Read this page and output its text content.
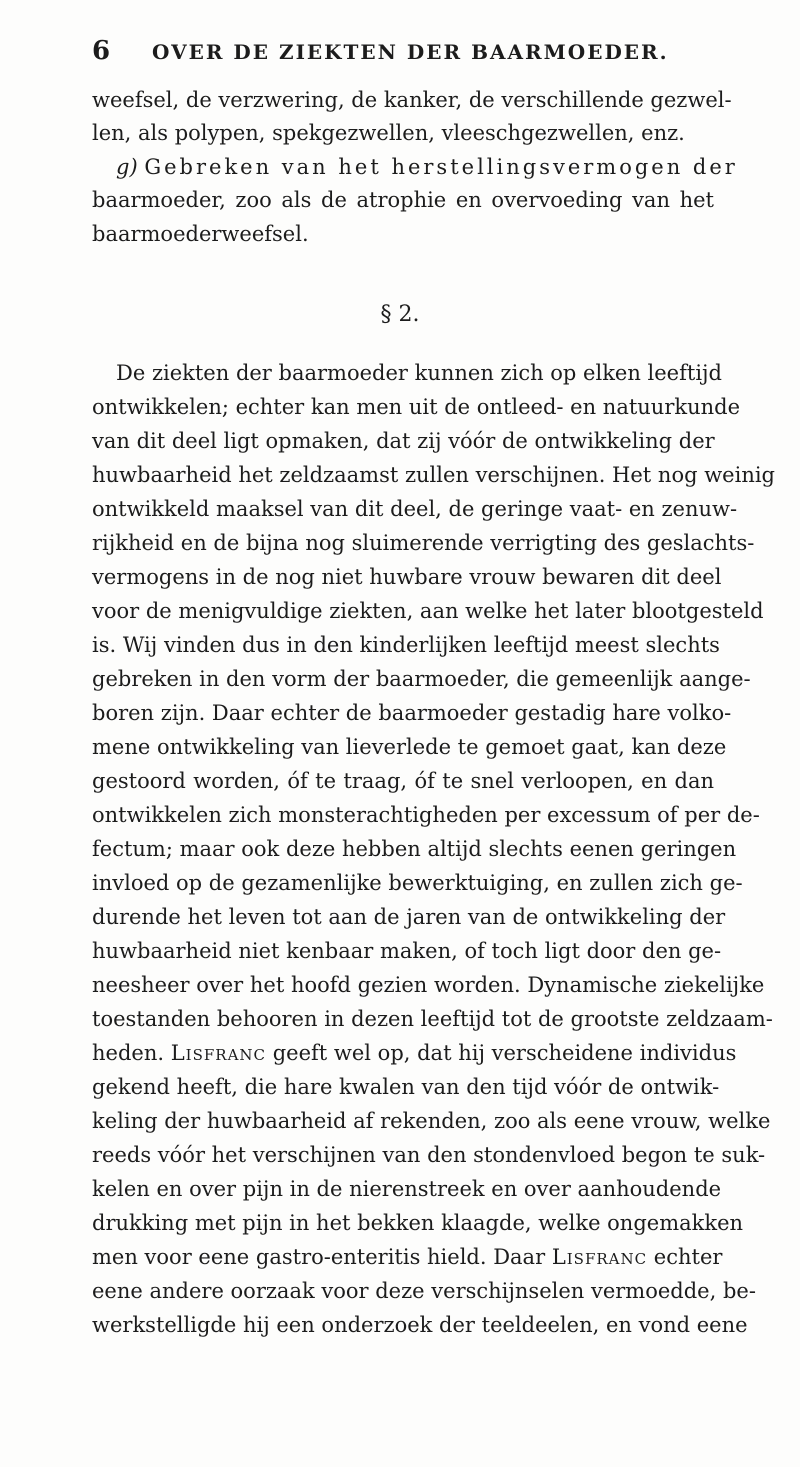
6 OVER DE ZIEKTEN DER BAARMOEDER.
weefsel, de verzwering, de kanker, de verschillende gezwel-
len, als polypen, spekgezwellen, vleeschgezwellen, enz.
g) Gebreken van het herstellingsvermogen der
baarmoeder, zoo als de atrophie en overvoeding van het
baarmoederweefsel.
§ 2.
De ziekten der baarmoeder kunnen zich op elken leeftijd
ontwikkelen; echter kan men uit de ontleed- en natuurkunde
van dit deel ligt opmaken, dat zij vóór de ontwikkeling der
huwbaarheid het zeldzaamst zullen verschijnen. Het nog weinig
ontwikkeld maaksel van dit deel, de geringe vaat- en zenuw-
rijkheid en de bijna nog sluimerende verrigting des geslachts-
vermogens in de nog niet huwbare vrouw bewaren dit deel
voor de menigvuldige ziekten, aan welke het later blootgesteld
is. Wij vinden dus in den kinderlijken leeftijd meest slechts
gebreken in den vorm der baarmoeder, die gemeenlijk aange-
boren zijn. Daar echter de baarmoeder gestadig hare volko-
mene ontwikkeling van lieverlede te gemoet gaat, kan deze
gestoord worden, óf te traag, óf te snel verloopen, en dan
ontwikkelen zich monsterachtigheden per excessum of per de-
fectum; maar ook deze hebben altijd slechts eenen geringen
invloed op de gezamenlijke bewerktuiging, en zullen zich ge-
durende het leven tot aan de jaren van de ontwikkeling der
huwbaarheid niet kenbaar maken, of toch ligt door den ge-
neesheer over het hoofd gezien worden. Dynamische ziekelijke
toestanden behooren in dezen leeftijd tot de grootste zeldzaam-
heden. Lisfranc geeft wel op, dat hij verscheidene individus
gekend heeft, die hare kwalen van den tijd vóór de ontwik-
keling der huwbaarheid af rekenden, zoo als eene vrouw, welke
reeds vóór het verschijnen van den stondenvloed begon te suk-
kelen en over pijn in de nierenstreek en over aanhoudende
drukking met pijn in het bekken klaagde, welke ongemakken
men voor eene gastro-enteritis hield. Daar Lisfranc echter
eene andere oorzaak voor deze verschijnselen vermoedde, be-
werkstelligde hij een onderzoek der teeldeelen, en vond eene
